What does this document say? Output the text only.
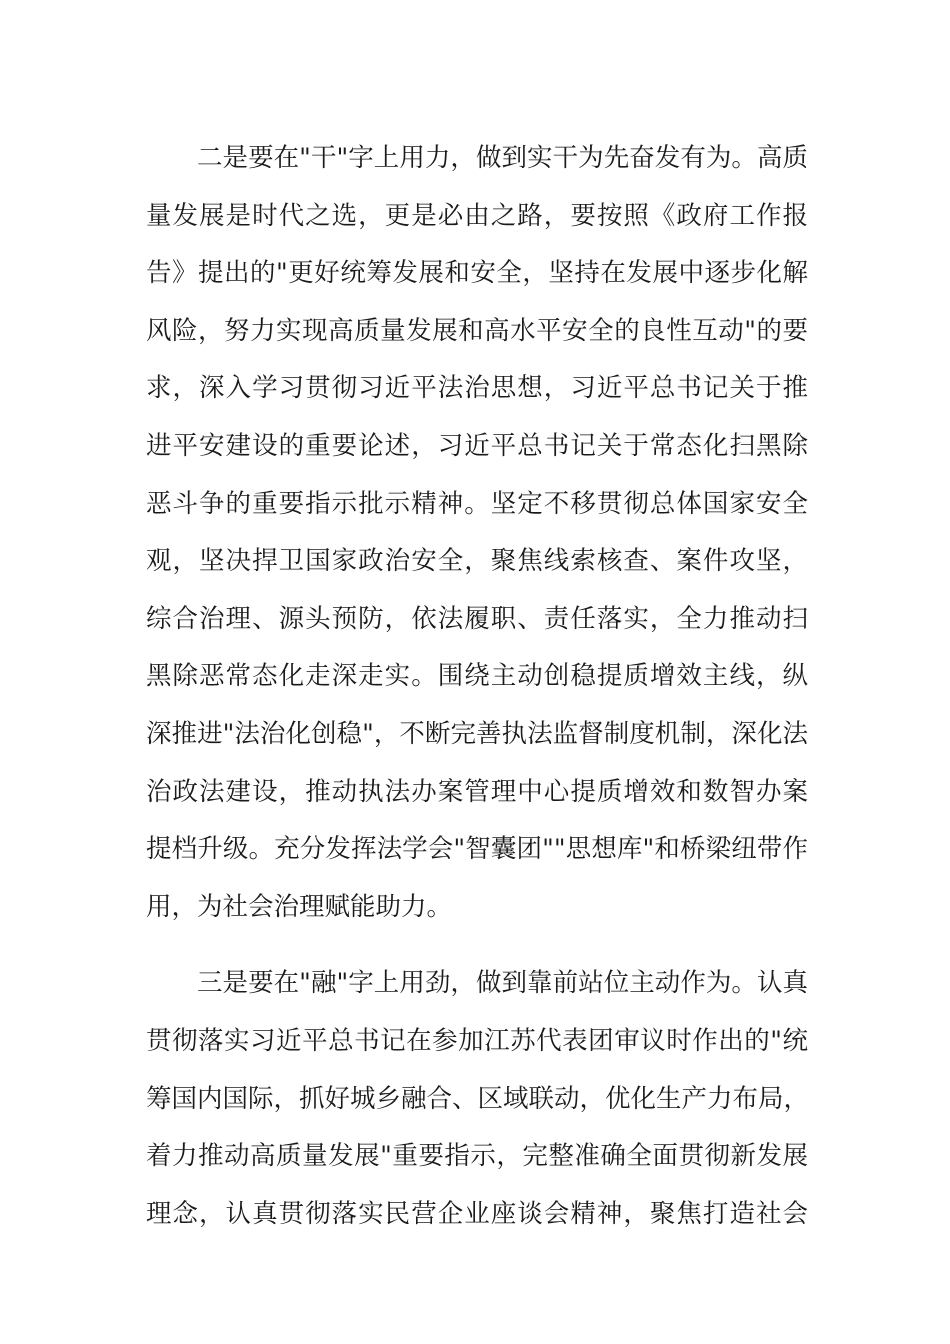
二是要在"干"字上用力，做到实干为先奋发有为。高质
量发展是时代之选，更是必由之路，要按照《政府工作报
告》提出的"更好统筹发展和安全，坚持在发展中逐步化解
风险，努力实现高质量发展和高水平安全的良性互动"的要
求，深入学习贯彻习近平法治思想，习近平总书记关于推
进平安建设的重要论述，习近平总书记关于常态化扫黑除
恶斗争的重要指示批示精神。坚定不移贯彻总体国家安全
观，坚决捍卫国家政治安全，聚焦线索核查、案件攻坚，
综合治理、源头预防，依法履职、责任落实，全力推动扫
黑除恶常态化走深走实。围绕主动创稳提质增效主线，纵
深推进"法治化创稳"，不断完善执法监督制度机制，深化法
治政法建设，推动执法办案管理中心提质增效和数智办案
提档升级。充分发挥法学会"智囊团""思想库"和桥梁纽带作
用，为社会治理赋能助力。
三是要在"融"字上用劲，做到靠前站位主动作为。认真
贯彻落实习近平总书记在参加江苏代表团审议时作出的"统
筹国内国际，抓好城乡融合、区域联动，优化生产力布局，
着力推动高质量发展"重要指示，完整准确全面贯彻新发展
理念，认真贯彻落实民营企业座谈会精神，聚焦打造社会
